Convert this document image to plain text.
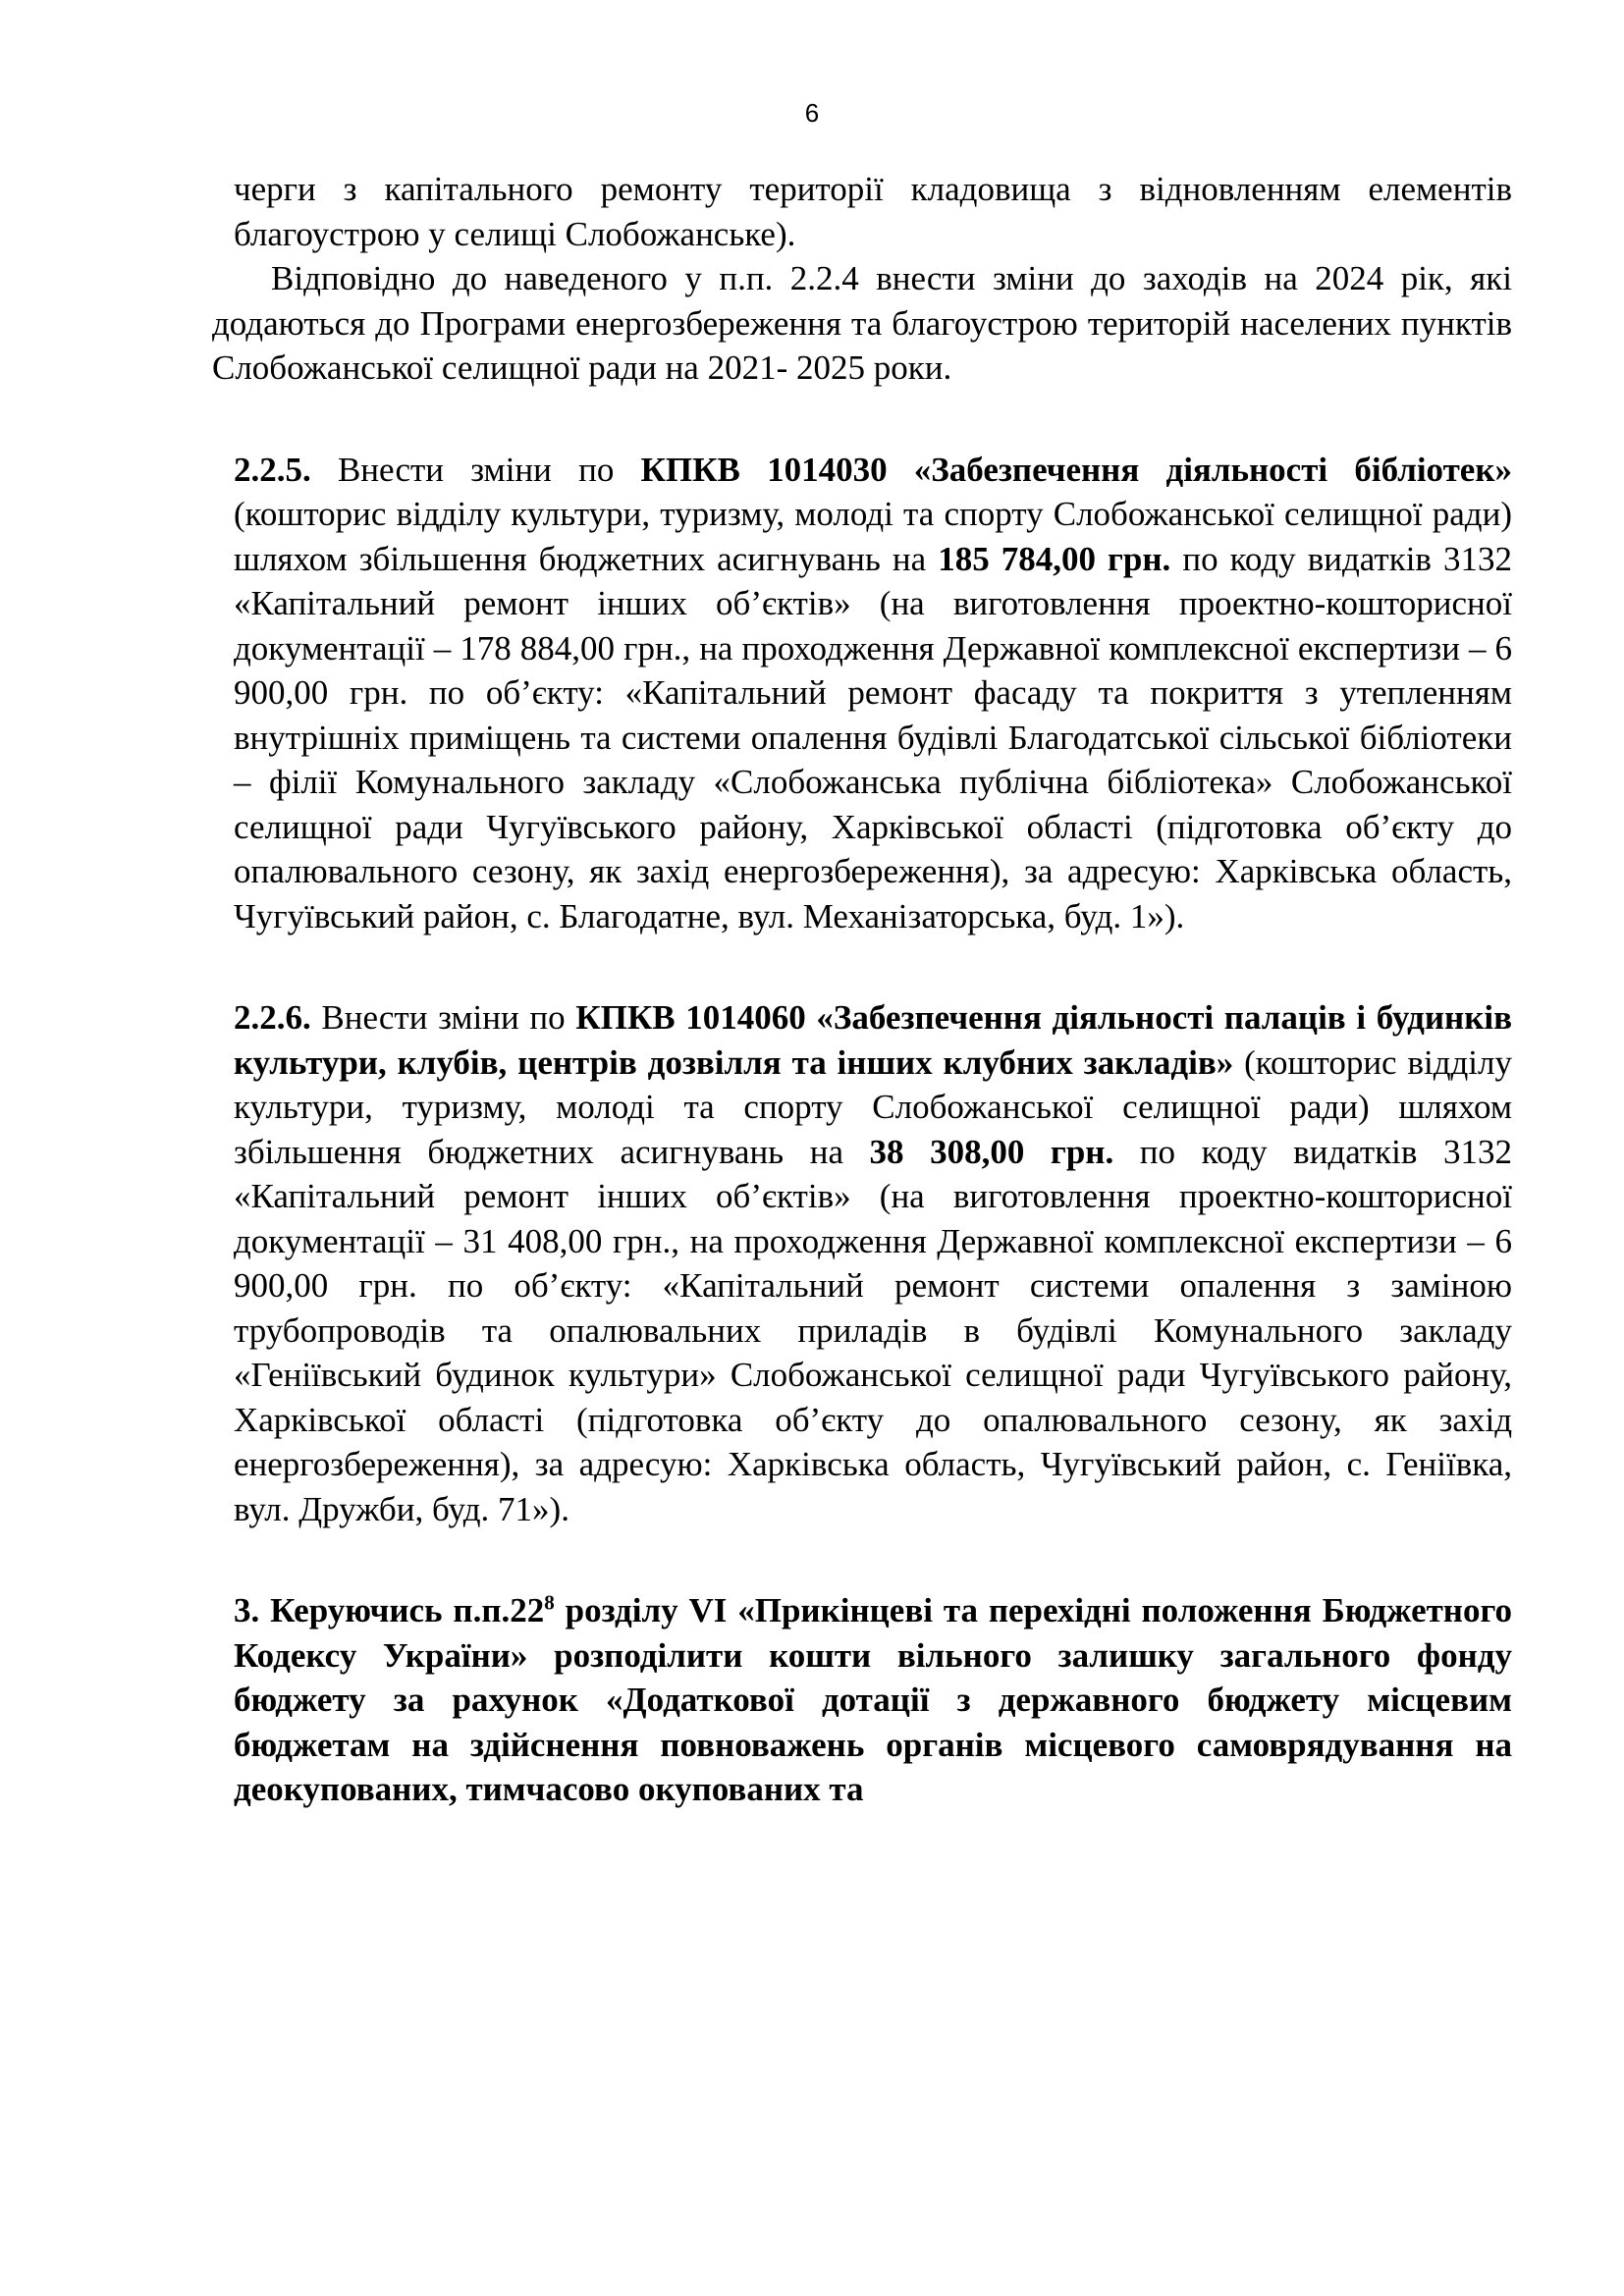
6

черги з капітального ремонту території кладовища з відновленням елементів благоустрою у селищі Слобожанське).

Відповідно до наведеного у п.п. 2.2.4 внести зміни до заходів на 2024 рік, які додаються до Програми енергозбереження та благоустрою територій населених пунктів Слобожанської селищної ради на 2021- 2025 роки.

2.2.5. Внести зміни по КПКВ 1014030 «Забезпечення діяльності бібліотек» (кошторис відділу культури, туризму, молоді та спорту Слобожанської селищної ради) шляхом збільшення бюджетних асигнувань на 185 784,00 грн. по коду видатків 3132 «Капітальний ремонт інших об’єктів» (на виготовлення проектно-кошторисної документації – 178 884,00 грн., на проходження Державної комплексної експертизи – 6 900,00 грн. по об’єкту: «Капітальний ремонт фасаду та покриття з утепленням внутрішніх приміщень та системи опалення будівлі Благодатської сільської бібліотеки – філії Комунального закладу «Слобожанська публічна бібліотека» Слобожанської селищної ради Чугуївського району, Харківської області (підготовка об’єкту до опалювального сезону, як захід енергозбереження), за адресую: Харківська область, Чугуївський район, с. Благодатне, вул. Механізаторська, буд. 1»).

2.2.6. Внести зміни по КПКВ 1014060 «Забезпечення діяльності палаців і будинків культури, клубів, центрів дозвілля та інших клубних закладів» (кошторис відділу культури, туризму, молоді та спорту Слобожанської селищної ради) шляхом збільшення бюджетних асигнувань на 38 308,00 грн. по коду видатків 3132 «Капітальний ремонт інших об’єктів» (на виготовлення проектно-кошторисної документації – 31 408,00 грн., на проходження Державної комплексної експертизи – 6 900,00 грн. по об’єкту: «Капітальний ремонт системи опалення з заміною трубопроводів та опалювальних приладів в будівлі Комунального закладу «Геніївський будинок культури» Слобожанської селищної ради Чугуївського району, Харківської області (підготовка об’єкту до опалювального сезону, як захід енергозбереження), за адресую: Харківська область, Чугуївський район, с. Геніївка, вул. Дружби, буд. 71»).

3. Керуючись $п.п.22^8$ розділу VI «Прикінцеві та перехідні положення Бюджетного Кодексу України» розподілити кошти вільного залишку загального фонду бюджету за рахунок «Додаткової дотації з державного бюджету місцевим бюджетам на здійснення повноважень органів місцевого самоврядування на деокупованих, тимчасово окупованих та
